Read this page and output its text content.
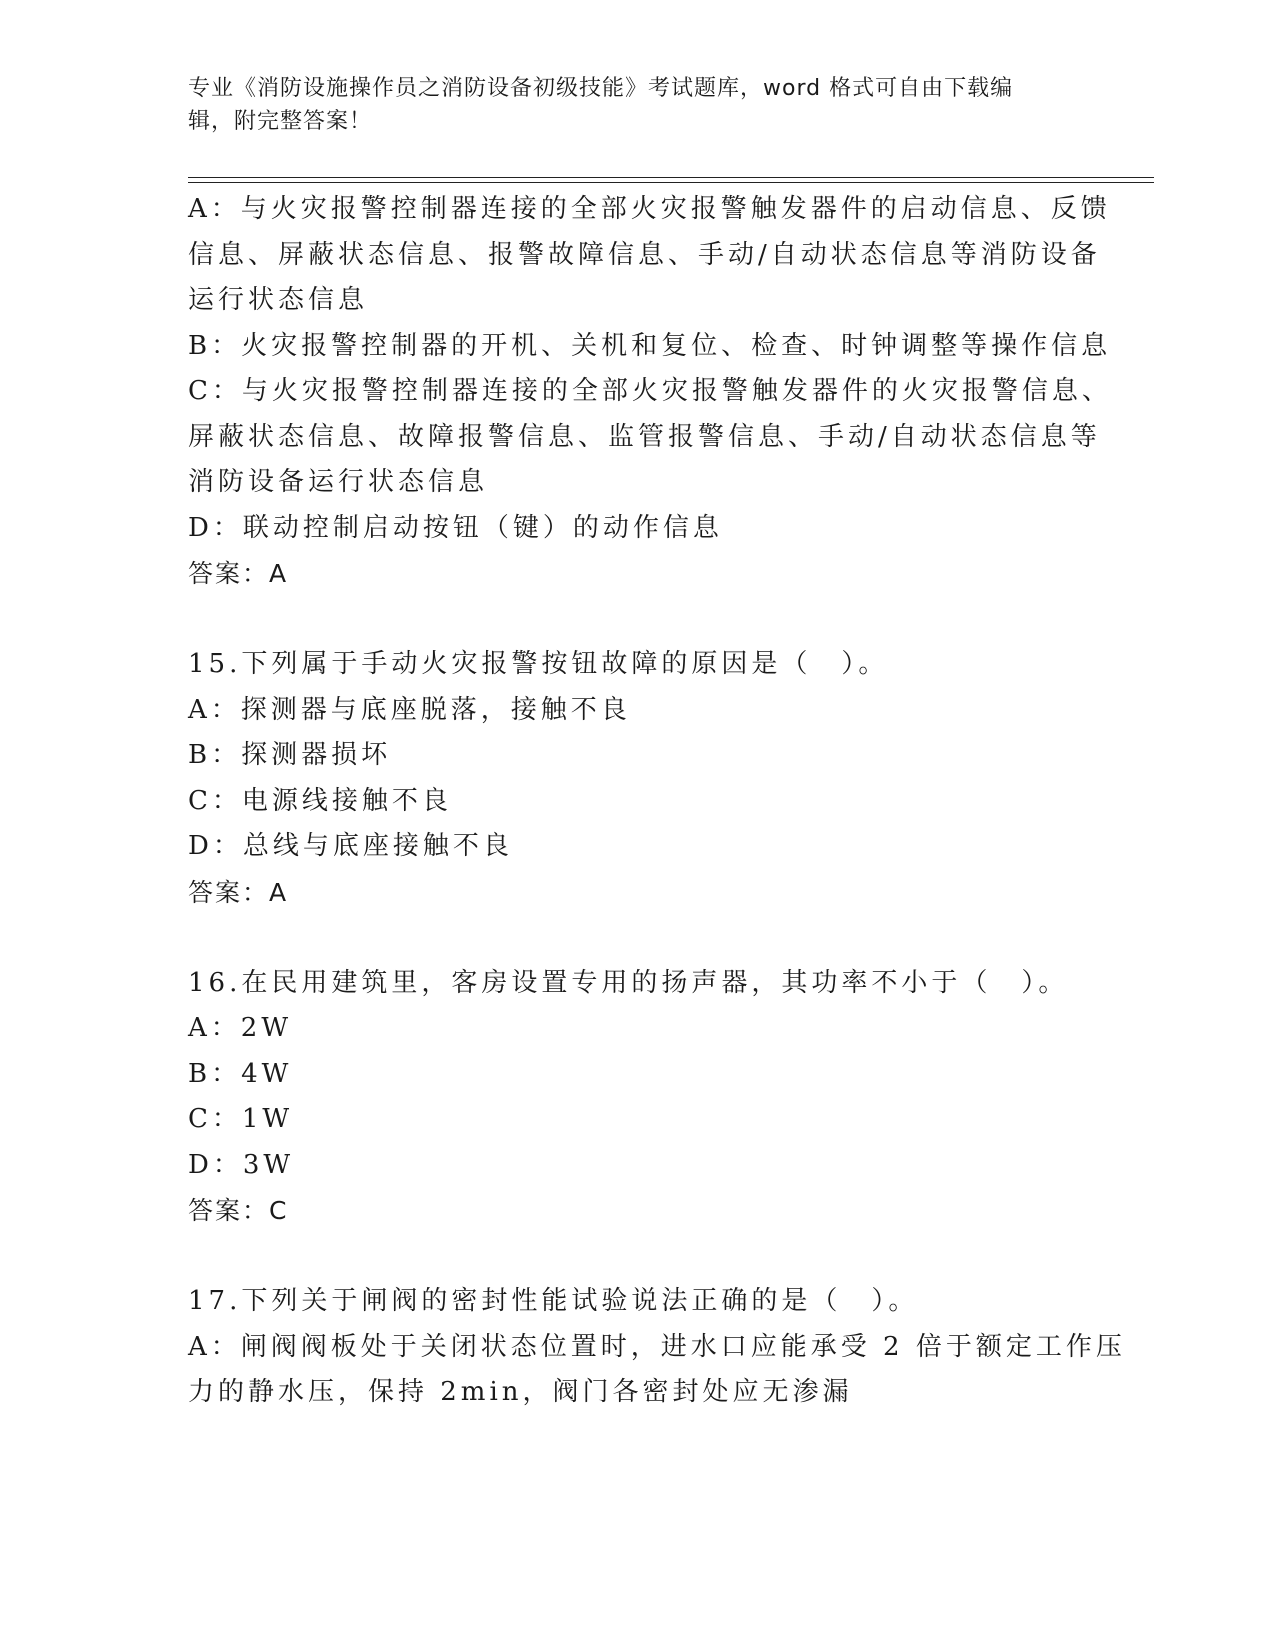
专业《消防设施操作员之消防设备初级技能》考试题库，word 格式可自由下载编
辑，附完整答案！
A：与火灾报警控制器连接的全部火灾报警触发器件的启动信息、反馈
信息、屏蔽状态信息、报警故障信息、手动/自动状态信息等消防设备
运行状态信息
B：火灾报警控制器的开机、关机和复位、检查、时钟调整等操作信息
C：与火灾报警控制器连接的全部火灾报警触发器件的火灾报警信息、
屏蔽状态信息、故障报警信息、监管报警信息、手动/自动状态信息等
消防设备运行状态信息
D：联动控制启动按钮（键）的动作信息
答案：A
15.下列属于手动火灾报警按钮故障的原因是（　）。
A：探测器与底座脱落，接触不良
B：探测器损坏
C：电源线接触不良
D：总线与底座接触不良
答案：A
16.在民用建筑里，客房设置专用的扬声器，其功率不小于（　）。
A：2W
B：4W
C：1W
D：3W
答案：C
17.下列关于闸阀的密封性能试验说法正确的是（　）。
A：闸阀阀板处于关闭状态位置时，进水口应能承受 2 倍于额定工作压
力的静水压，保持 2min，阀门各密封处应无渗漏
